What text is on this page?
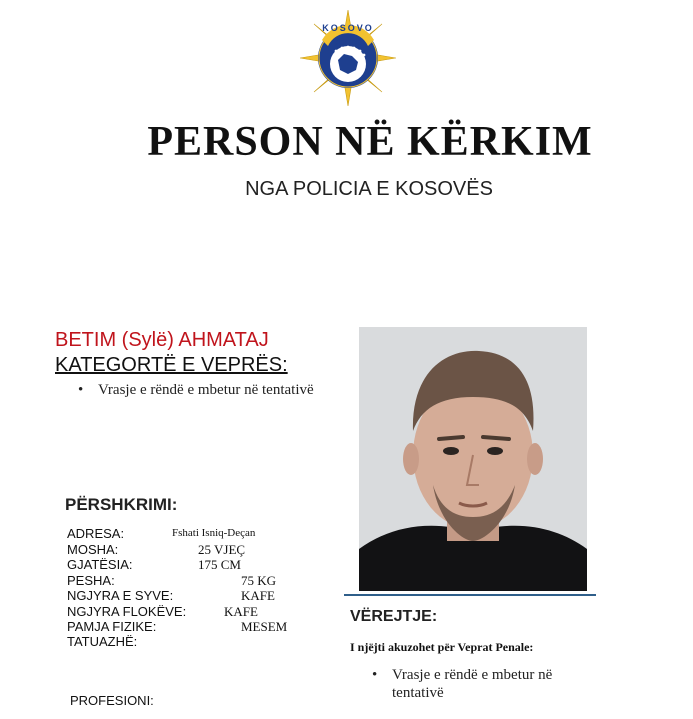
KOSOVO
POLICE
PERSON NË KËRKIM
NGA POLICIA E KOSOVËS
BETIM (Sylë) AHMATAJ
KATEGORTË E VEPRËS:
• Vrasje e rëndë e mbetur në tentativë
PËRSHKRIMI:
ADRESA:	Fshati Isniq-Deçan
MOSHA:	25 VJEÇ
GJATËSIA:	175 CM
PESHA:	75 KG
NGJYRA E SYVE:	KAFE
NGJYRA FLOKËVE:	KAFE
PAMJA FIZIKE:	MESEM
TATUAZHË:
PROFESIONI:
VËREJTJE:
I njëjti akuzohet për Veprat Penale:
• Vrasje e rëndë e mbetur në tentativë
